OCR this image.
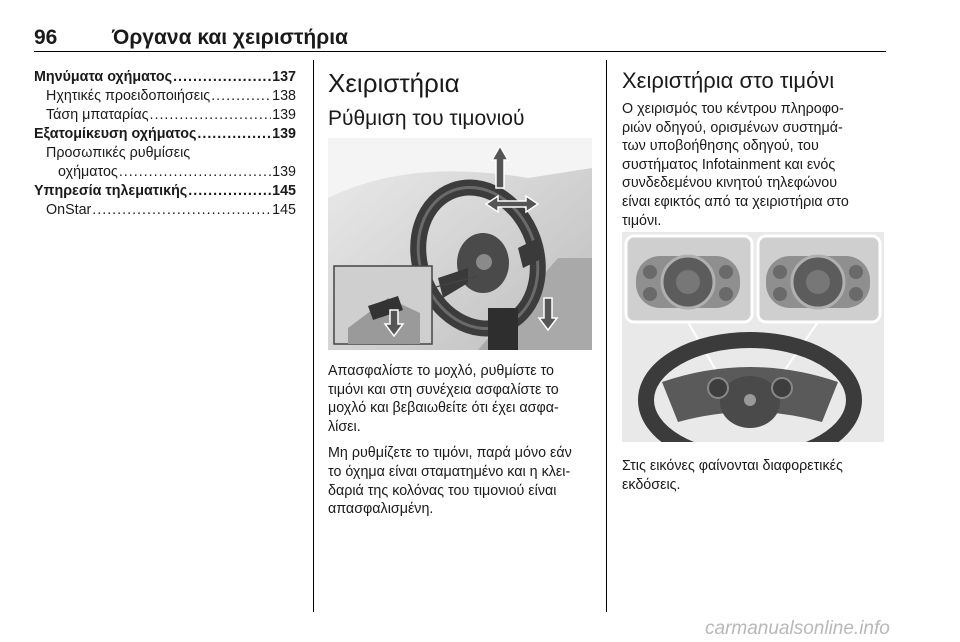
96	Όργανα και χειριστήρια
Μηνύματα οχήματος .....	137
Ηχητικές προειδοποιήσεις .....	138
Τάση μπαταρίας .....	139
Εξατομίκευση οχήματος .....	139
Προσωπικές ρυθμίσεις
οχήματος .....	139
Υπηρεσία τηλεματικής .....	145
OnStar .....	145
Χειριστήρια
Ρύθμιση του τιμονιού

Απασφαλίστε το μοχλό, ρυθμίστε το
τιμόνι και στη συνέχεια ασφαλίστε το
μοχλό και βεβαιωθείτε ότι έχει ασφα-
λίσει.

Μη ρυθμίζετε το τιμόνι, παρά μόνο εάν
το όχημα είναι σταματημένο και η κλει-
δαριά της κολόνας του τιμονιού είναι
απασφαλισμένη.

Χειριστήρια στο τιμόνι

Ο χειρισμός του κέντρου πληροφο-
ριών οδηγού, ορισμένων συστημά-
των υποβοήθησης οδηγού, του
συστήματος Infotainment και ενός
συνδεδεμένου κινητού τηλεφώνου
είναι εφικτός από τα χειριστήρια στο
τιμόνι.

Στις εικόνες φαίνονται διαφορετικές
εκδόσεις.

carmanualsonline.info
